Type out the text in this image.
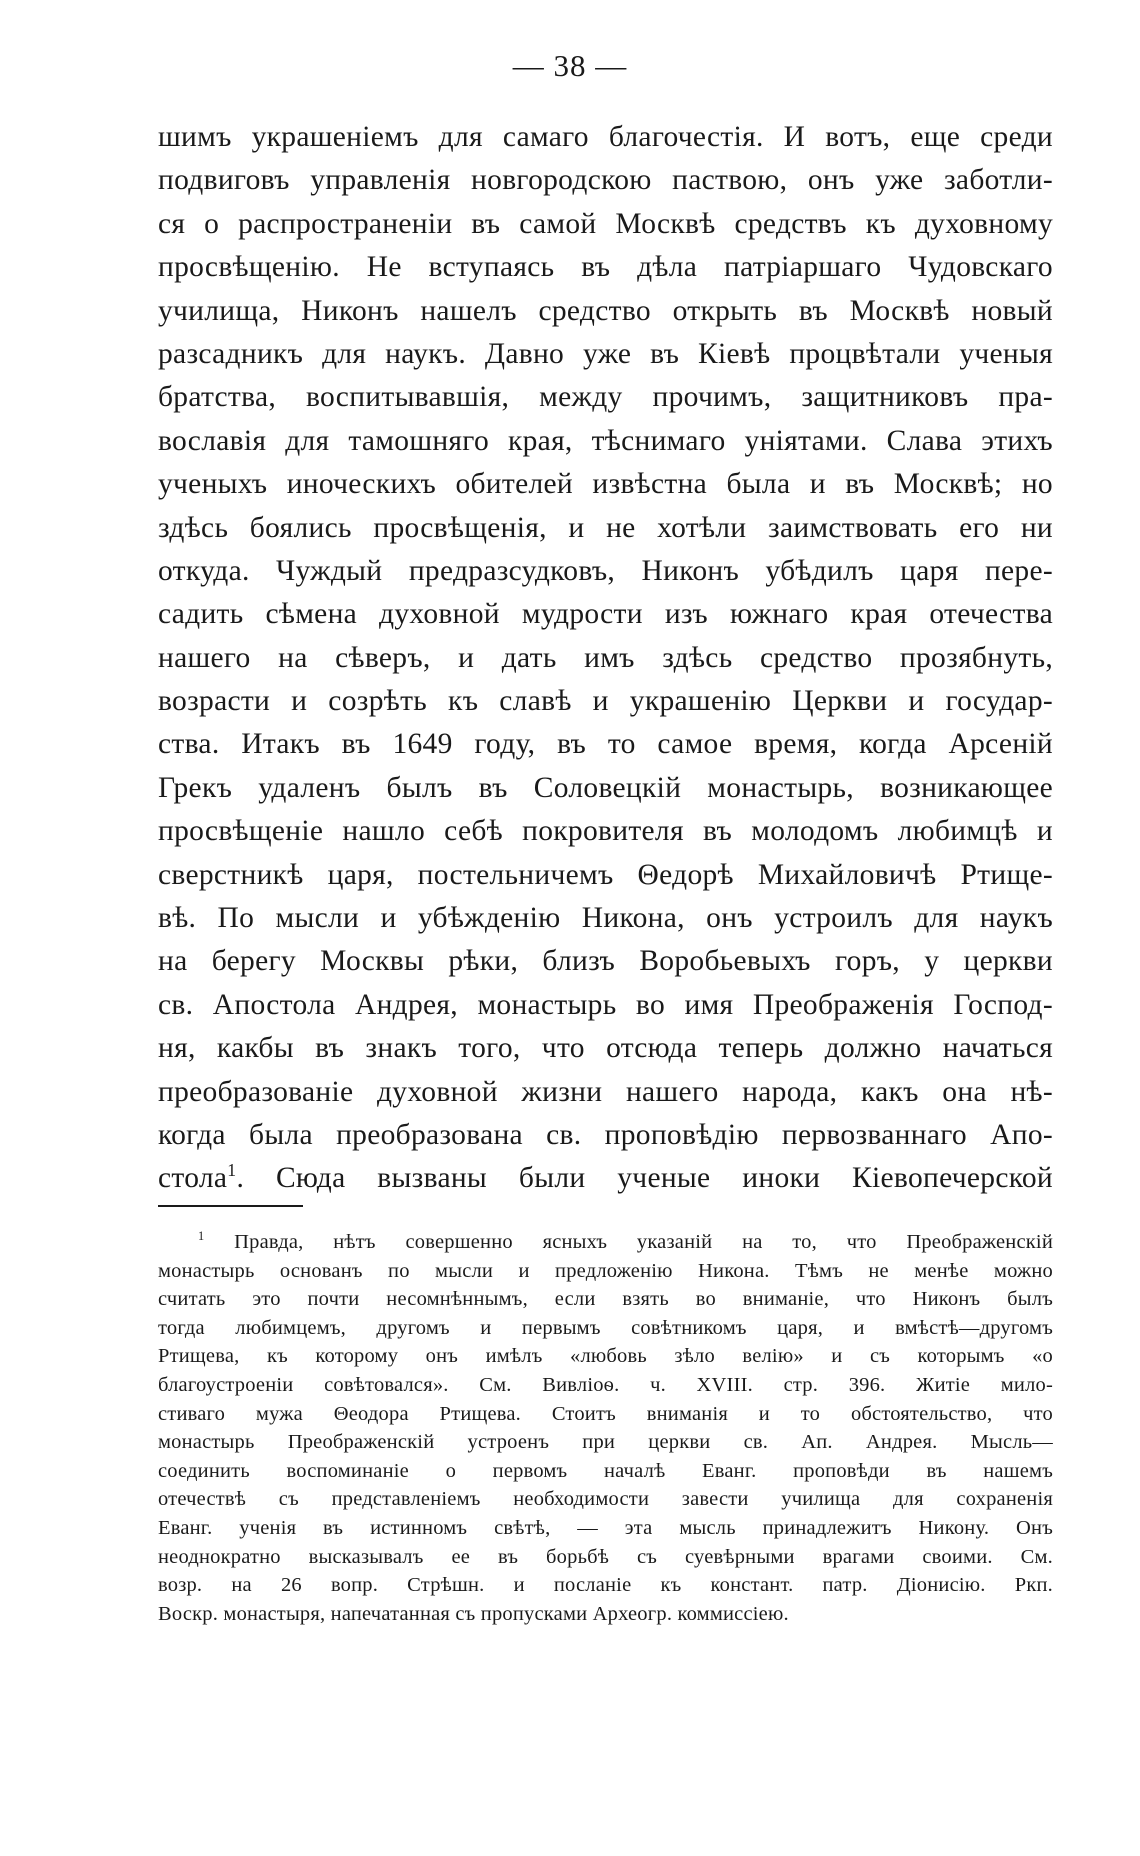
— 38 —
шимъ украшеніемъ для самаго благочестія. И вотъ, еще среди
подвиговъ управленія новгородскою паствою, онъ уже заботли-
ся о распространеніи въ самой Москвѣ средствъ къ духовному
просвѣщенію. Не вступаясь въ дѣла патріаршаго Чудовскаго
училища, Никонъ нашелъ средство открыть въ Москвѣ новый
разсадникъ для наукъ. Давно уже въ Кіевѣ процвѣтали ученыя
братства, воспитывавшія, между прочимъ, защитниковъ пра-
вославія для тамошняго края, тѣснимаго уніятами. Слава этихъ
ученыхъ иноческихъ обителей извѣстна была и въ Москвѣ; но
здѣсь боялись просвѣщенія, и не хотѣли заимствовать его ни
откуда. Чуждый предразсудковъ, Никонъ убѣдилъ царя пере-
садить сѣмена духовной мудрости изъ южнаго края отечества
нашего на сѣверъ, и дать имъ здѣсь средство прозябнуть,
возрасти и созрѣть къ славѣ и украшенію Церкви и государ-
ства. Итакъ въ 1649 году, въ то самое время, когда Арсеній
Грекъ удаленъ былъ въ Соловецкій монастырь, возникающее
просвѣщеніе нашло себѣ покровителя въ молодомъ любимцѣ и
сверстникѣ царя, постельничемъ Θедорѣ Михайловичѣ Ртище-
вѣ. По мысли и убѣжденію Никона, онъ устроилъ для наукъ
на берегу Москвы рѣки, близъ Воробьевыхъ горъ, у церкви
св. Апостола Андрея, монастырь во имя Преображенія Господ-
ня, какбы въ знакъ того, что отсюда теперь должно начаться
преобразованіе духовной жизни нашего народа, какъ она нѣ-
когда была преобразована св. проповѣдію первозваннаго Апо-
стола$^1$. Сюда вызваны были ученые иноки Кіевопечерской
$^1$ Правда, нѣтъ совершенно ясныхъ указаній на то, что Преображенскій
монастырь основанъ по мысли и предложенію Никона. Тѣмъ не менѣе можно
считать это почти несомнѣннымъ, если взять во вниманіе, что Никонъ былъ
тогда любимцемъ, другомъ и первымъ совѣтникомъ царя, и вмѣстѣ—другомъ
Ртищева, къ которому онъ имѣлъ «любовь зѣло велію» и съ которымъ «о
благоустроеніи совѣтовался». См. Вивліоѳ. ч. XVIII. стр. 396. Житіе мило-
стиваго мужа Θеодора Ртищева. Стоитъ вниманія и то обстоятельство, что
монастырь Преображенскій устроенъ при церкви св. Ап. Андрея. Мысль—
соединить воспоминаніе о первомъ началѣ Еванг. проповѣди въ нашемъ
отечествѣ съ представленіемъ необходимости завести училища для сохраненія
Еванг. ученія въ истинномъ свѣтѣ, — эта мысль принадлежитъ Никону. Онъ
неоднократно высказывалъ ее въ борьбѣ съ суевѣрными врагами своими. См.
возр. на 26 вопр. Стрѣшн. и посланіе къ констант. патр. Діонисію. Ркп.
Воскр. монастыря, напечатанная съ пропусками Археогр. коммиссіею.
